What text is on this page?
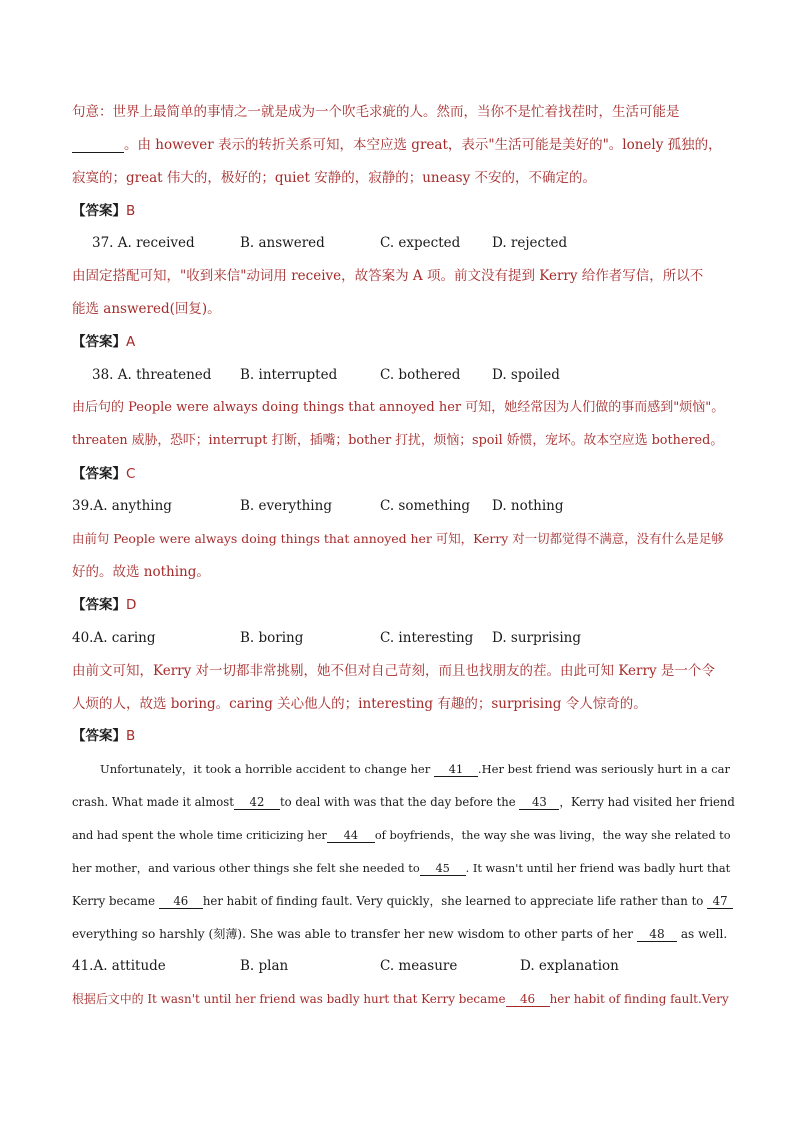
句意：世界上最简单的事情之一就是成为一个吹毛求疵的人。然而，当你不是忙着找茬时，生活可能是
。由 however 表示的转折关系可知，本空应选 great，表示"生活可能是美好的"。lonely 孤独的，
寂寞的；great 伟大的，极好的；quiet 安静的，寂静的；uneasy 不安的，不确定的。
【答案】B
37. A. received	B. answered	C. expected D. rejected
由固定搭配可知，"收到来信"动词用 receive，故答案为 A 项。前文没有提到 Kerry 给作者写信，所以不
能选 answered(回复)。
【答案】A
38. A. threatened B. interrupted	C. bothered D. spoiled
由后句的 People were always doing things that annoyed her 可知，她经常因为人们做的事而感到"烦恼"。
threaten 威胁，恐吓；interrupt 打断，插嘴；bother 打扰，烦恼；spoil 娇惯，宠坏。故本空应选 bothered。
【答案】C
39.A. anything	B. everything	C. something D. nothing
由前句 People were always doing things that annoyed her 可知，Kerry 对一切都觉得不满意，没有什么是足够
好的。故选 nothing。
【答案】D
40.A. caring	B. boring	C. interesting D. surprising
由前文可知，Kerry 对一切都非常挑剔，她不但对自己苛刻，而且也找朋友的茬。由此可知 Kerry 是一个令
人烦的人，故选 boring。caring 关心他人的；interesting 有趣的；surprising 令人惊奇的。
【答案】B
Unfortunately，it took a horrible accident to change her 41 .Her best friend was seriously hurt in a car
crash. What made it almost 42 to deal with was that the day before the 43 ，Kerry had visited her friend
and had spent the whole time criticizing her 44 of boyfriends，the way she was living，the way she related to
her mother，and various other things she felt she needed to 45 . It wasn't until her friend was badly hurt that
Kerry became 46 her habit of finding fault. Very quickly，she learned to appreciate life rather than to 47
everything so harshly (刻薄). She was able to transfer her new wisdom to other parts of her 48 as well.
41.A. attitude	B. plan	C. measure	D. explanation
根据后文中的 It wasn't until her friend was badly hurt that Kerry became 46 her habit of finding fault.Very
